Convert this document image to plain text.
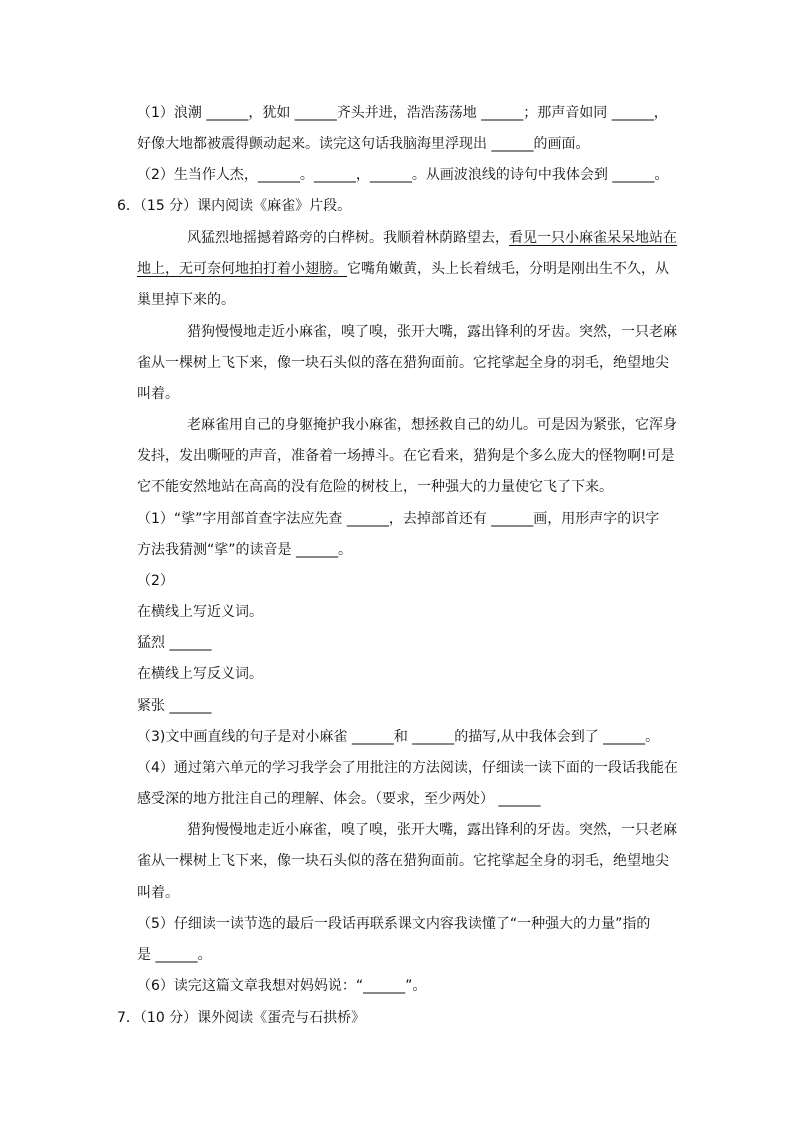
（1）浪潮 ______，犹如 ______齐头并进，浩浩荡荡地 ______；那声音如同 ______，
好像大地都被震得颤动起来。读完这句话我脑海里浮现出 ______的画面。
（2）生当作人杰，______。______，______。从画波浪线的诗句中我体会到 ______。
6．（15 分）课内阅读《麻雀》片段。
风猛烈地摇撼着路旁的白桦树。我顺着林荫路望去，看见一只小麻雀呆呆地站在
地上，无可奈何地拍打着小翅膀。它嘴角嫩黄，头上长着绒毛，分明是刚出生不久，从
巢里掉下来的。
猎狗慢慢地走近小麻雀，嗅了嗅，张开大嘴，露出锋利的牙齿。突然，一只老麻
雀从一棵树上飞下来，像一块石头似的落在猎狗面前。它挓挲起全身的羽毛，绝望地尖
叫着。
老麻雀用自己的身躯掩护我小麻雀，想拯救自己的幼儿。可是因为紧张，它浑身
发抖，发出嘶哑的声音，准备着一场搏斗。在它看来，猎狗是个多么庞大的怪物啊!可是
它不能安然地站在高高的没有危险的树枝上，一种强大的力量使它飞了下来。
（1）“挲”字用部首查字法应先查 ______，去掉部首还有 ______画，用形声字的识字
方法我猜测“挲”的读音是 ______。
（2）
在横线上写近义词。
猛烈 ______
在横线上写反义词。
紧张 ______
（3)文中画直线的句子是对小麻雀 ______和 ______的描写,从中我体会到了 ______。
（4）通过第六单元的学习我学会了用批注的方法阅读，仔细读一读下面的一段话我能在
感受深的地方批注自己的理解、体会。（要求，至少两处） ______
猎狗慢慢地走近小麻雀，嗅了嗅，张开大嘴，露出锋利的牙齿。突然，一只老麻
雀从一棵树上飞下来，像一块石头似的落在猎狗面前。它挓挲起全身的羽毛，绝望地尖
叫着。
（5）仔细读一读节选的最后一段话再联系课文内容我读懂了“一种强大的力量”指的
是 ______。
（6）读完这篇文章我想对妈妈说：“______”。
7．（10 分）课外阅读《蛋壳与石拱桥》
